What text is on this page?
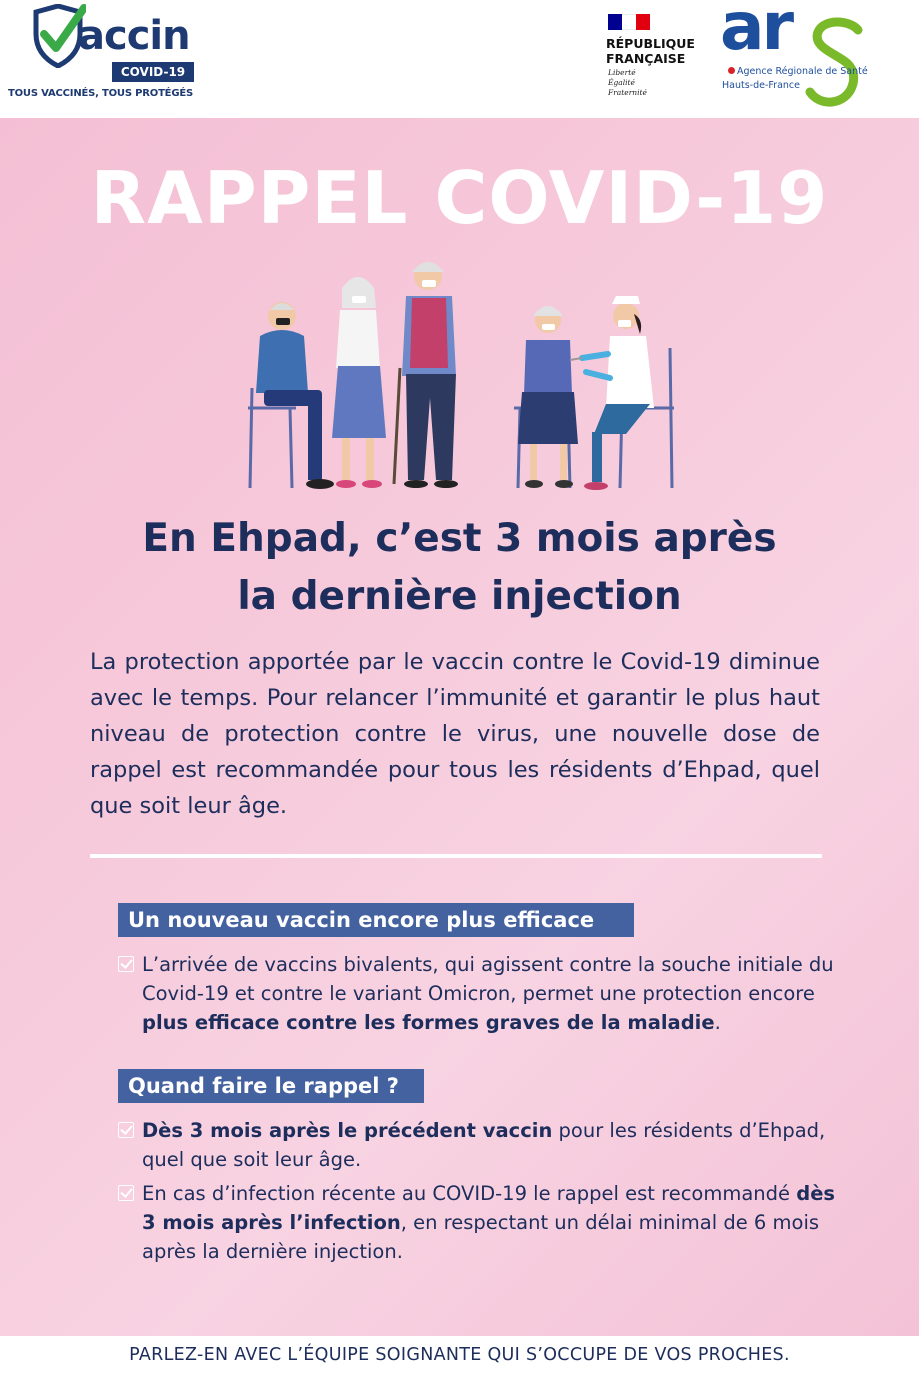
accin
COVID-19
TOUS VACCINÉS, TOUS PROTÉGÉS
RÉPUBLIQUE
FRANÇAISE
Liberté
Égalité
Fraternité
ar
Agence Régionale de Santé
Hauts-de-France
RAPPEL COVID-19
En Ehpad, c’est 3 mois après
la dernière injection
La protection apportée par le vaccin contre le Covid-19 diminue avec le temps. Pour relancer l’immunité et garantir le plus haut niveau de protection contre le virus, une nouvelle dose de rappel est recommandée pour tous les résidents d’Ehpad, quel que soit leur âge.
Un nouveau vaccin encore plus efficace
L’arrivée de vaccins bivalents, qui agissent contre la souche initiale du Covid-19 et contre le variant Omicron, permet une protection encore plus efficace contre les formes graves de la maladie.
Quand faire le rappel ?
Dès 3 mois après le précédent vaccin pour les résidents d’Ehpad, quel que soit leur âge.
En cas d’infection récente au COVID-19 le rappel est recommandé dès 3 mois après l’infection, en respectant un délai minimal de 6 mois après la dernière injection.
PARLEZ-EN AVEC L’ÉQUIPE SOIGNANTE QUI S’OCCUPE DE VOS PROCHES.
